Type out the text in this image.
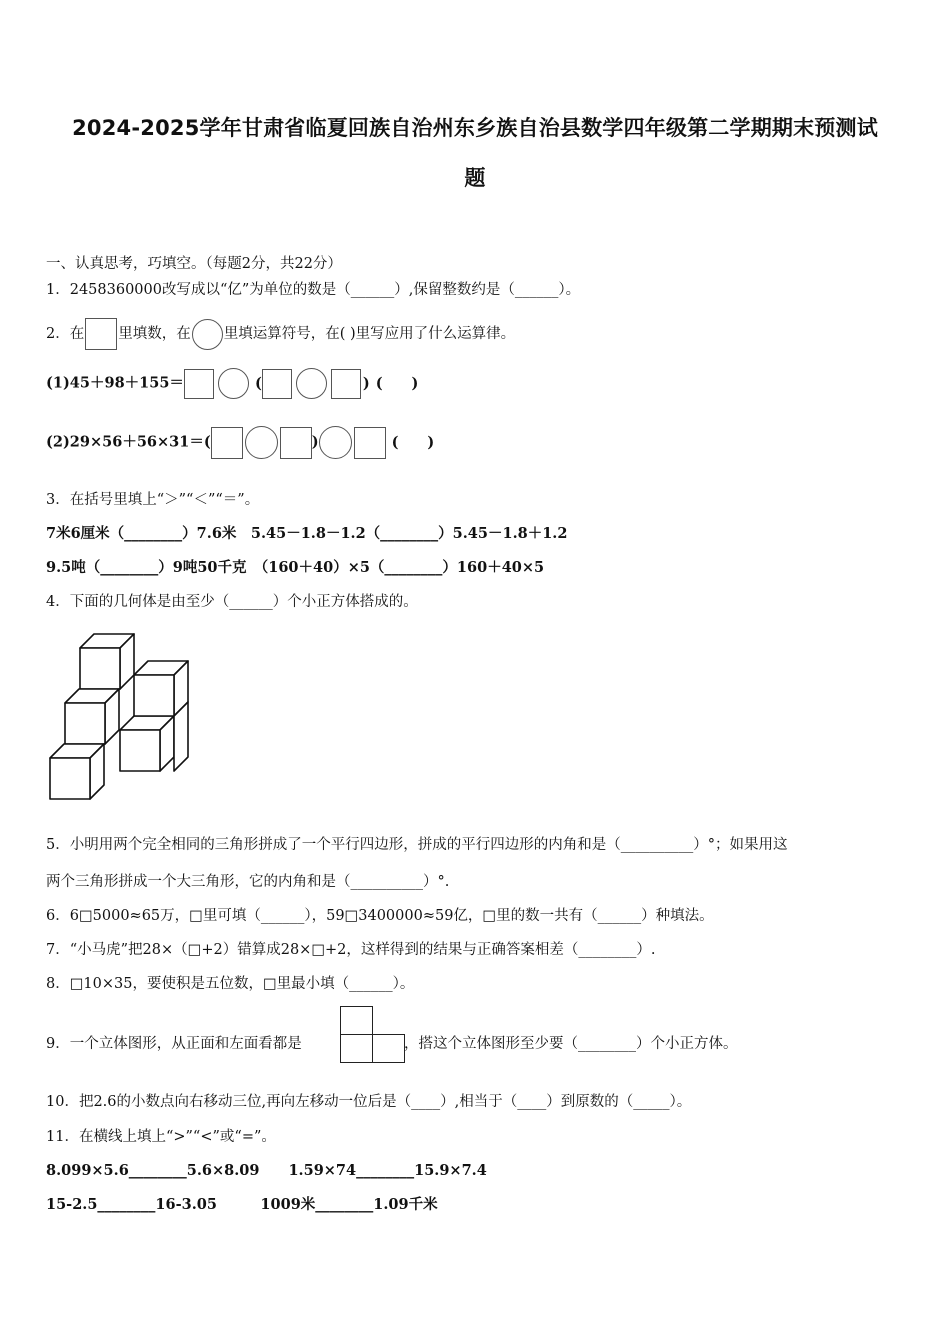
2024-2025学年甘肃省临夏回族自治州东乡族自治县数学四年级第二学期期末预测试
题
一、认真思考，巧填空。（每题2分，共22分）
1．2458360000改写成以“亿”为单位的数是（______）,保留整数约是（______）。
2．在 里填数，在 里填运算符号，在( )里写应用了什么运算律。
(1)45＋98＋155＝	(	) (　　)
(2)29×56＋56×31＝(	)	(　　)
3．在括号里填上“＞”“＜”“＝”。
7米6厘米（________）7.6米　5.45－1.8－1.2（________）5.45－1.8＋1.2
9.5吨（________）9吨50千克　（160＋40）×5（________）160＋40×5
4．下面的几何体是由至少（______）个小正方体搭成的。
5．小明用两个完全相同的三角形拼成了一个平行四边形，拼成的平行四边形的内角和是（__________）°；如果用这
两个三角形拼成一个大三角形，它的内角和是（__________）°.
6．6□5000≈65万，□里可填（______），59□3400000≈59亿，□里的数一共有（______）种填法。
7．“小马虎”把28×（□+2）错算成28×□+2，这样得到的结果与正确答案相差（________）.
8．□10×35，要使积是五位数，□里最小填（______）。
9．一个立体图形，从正面和左面看都是	，搭这个立体图形至少要（________）个小正方体。
10．把2.6的小数点向右移动三位,再向左移动一位后是（____）,相当于（____）到原数的（_____）。
11．在横线上填上“>”“<”或“=”。
8.099×5.6________5.6×8.09　　1.59×74________15.9×7.4
15-2.5________16-3.05　　　1009米________1.09千米
